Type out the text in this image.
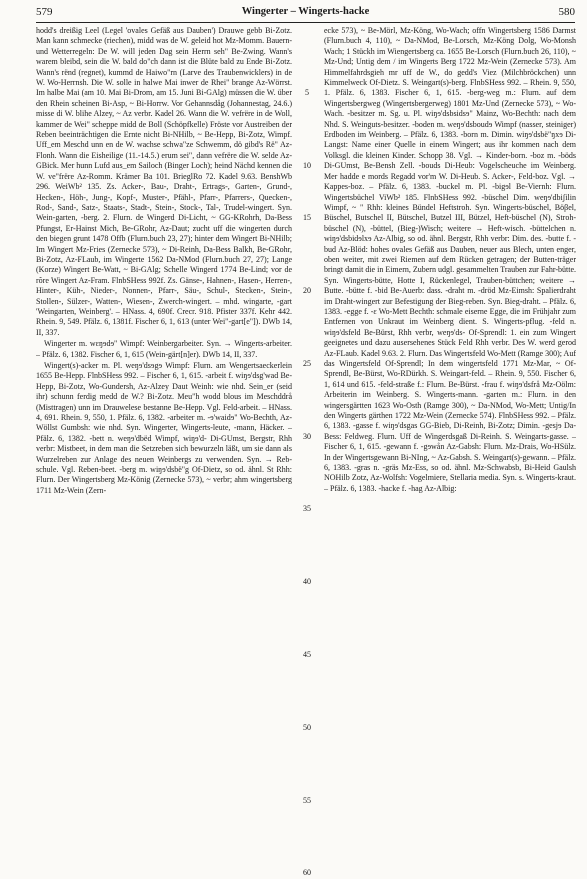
579	Wingerter – Wingerts-hacke	580

hodd's dreißig Leel (Legel 'ovales Gefäß aus Dauben') Drauwe gebb Bi-Zotz. Man kann schmecke (riechen), midd was de W. geleid hot Mz-Momm. Bauern- und Wetterregeln: De W. will jeden Dag sein Herrn seh" Be-Zwing. Wann's warem bleibd, sein die W. bald do"ch dann ist die Blüte bald zu Ende Bi-Zotz. Wann's rënd (regnet), kummd de Haiwo"rn (Larve des Traubenwicklers) in de W. Wo-Herrnsh. Die W. solle in halwe Mai inwer de Rhei" brange Az-Wörrst. Im halbe Mai (am 10. Mai Bi-Drom, am 15. Juni Bi-GAlg) müssen die W. über den Rhein scheinen Bi-Asp, ~ Bi-Horrw. Vor Gehannsdåg (Johannestag, 24.6.) misse di W. blihe Alzey, ~ Az verbr. Kadel 26. Wann die W. vefrëre in de Woll, kammer de Wei" scheppe midd de Boll (Schöpfkelle) Fröste vor Austreiben der Reben beeinträchtigen die Ernte nicht Bi-NHilb, ~ Be-Hepp, Bi-Zotz, Wimpf. Uff_em Meschd unn en de W. wachse schwa"ze Schwemm, dö gibd's Rë" Az-Flonh. Wann die Eisheilige (11.-14.5.) erum sei", dann vefrëre die W. selde Az-GBick. Mer hunn Lufd aus_em Sailoch (Binger Loch); heind Nächd kennen die W. ve"frëre Az-Romm. Krämer Ba 101. BrieglRo 72. Kadel 9.63. BenshWb 296. WeiWb² 135. Zs. Acker-, Bau-, Draht-, Ertrags-, Garten-, Grund-, Hecken-, Höh-, Jung-, Kopf-, Muster-, Pfähl-, Pfarr-, Pfarrers-, Quecken-, Rod-, Sand-, Satz-, Staats-, Stadt-, Stein-, Stock-, Tal-, Trudel-wingert. Syn. Wein-garten, -berg. 2. Flurn. de Wingerd Di-Licht, ~ GG-KRohrh, Da-Bess Pfungst, Er-Hainst Mich, Be-GRohr, Az-Daut; zucht uff die wingerten durch den biegen grunt 1478 Offb (Flurn.buch 23, 27); hinter dem Wingert Bi-NHilb; Im Wingert Mz-Fries (Zernecke 573), ~ Di-Reinh, Da-Bess Balkh, Be-GRohr, Bi-Zotz, Az-FLaub, im Wingerte 1562 Da-NMod (Flurn.buch 27, 27); Lange (Korze) Wingert Be-Watt, ~ Bi-GAlg; Schelle Wingerd 1774 Be-Lind; vor de rõre Wingert Az-Fram. FlnbSHess 992f. Zs. Gänse-, Hahnen-, Hasen-, Herren-, Hinter-, Küh-, Nieder-, Nonnen-, Pfarr-, Säu-, Schul-, Stecken-, Stein-, Stollen-, Sülzer-, Watten-, Wiesen-, Zwerch-wingert. – mhd. wingarte, -gart 'Weingarten, Weinberg'. – HNass. 4, 690f. Crecr. 918. Pfister 337f. Kehr 442. Rhein. 9, 549. Pfälz. 6, 1381f. Fischer 6, 1, 613 (unter Wei"-gart[e"]). DWb 14, II, 337.

Wingerter m. wεŋɘdɘ" Wimpf: Weinbergarbeiter. Syn. → Wingerts-arbeiter. – Pfälz. 6, 1382. Fischer 6, 1, 615 (Wein-gärt[n]er). DWb 14, II, 337.

Wingert(s)-acker m. Pl. weŋɘ'dsɘgɘ Wimpf: Flurn. am Wengertsaeckerlein 1655 Be-Hepp. FlnbSHess 992. – Fischer 6, 1, 615. -arbeit f. wiŋɘ'dsg'wad Be-Hepp, Bi-Zotz, Wo-Gundersh, Az-Alzey Daut Weinh: wie nhd. Sein_er (seid ihr) schunn ferdig medd de W.? Bi-Zotz. Meu"h wodd blous im Meschddrå (Misttragen) unn im Drauwelese bestanne Be-Hepp. Vgl. Feld-arbeit. – HNass. 4, 691. Rhein. 9, 550, 1. Pfälz. 6, 1382. -arbeiter m. -ɘ'waidɘ" Wo-Bechth, Az-Wöllst Gumbsh: wie nhd. Syn. Wingerter, Wingerts-leute, -mann, Häcker. – Pfälz. 6, 1382. -bett n. weŋɘ'dbëd Wimpf, wiŋɘ'd- Di-GUmst, Bergstr, Rhh verbr: Mistbeet, in dem man die Setzreben sich bewurzeln läßt, um sie dann als Wurzelreben zur Anlage des neuen Weinbergs zu verwenden. Syn. → Reb-schule. Vgl. Reben-beet. -berg m. wiŋɘ'dsbë"g Of-Dietz, so od. ähnl. St Rhh: Flurn. Der Wingertsberg Mz-König (Zernecke 573), ~ verbr; ahm wingertsberg 1711 Mz-Wein (Zern-

5
10
15
20
25
30
35
40
45
50
55
60

ecke 573), ~ Be-Mörl, Mz-Köng, Wo-Wach; offn Wingertsberg 1586 Darmst (Flurn.buch 4, 110), ~ Da-NMod, Be-Lorsch, Mz-Köng Dolg, Wo-Monsh Wach; 1 Stückh im Wiengertsberg ca. 1655 Be-Lorsch (Flurn.buch 26, 110), ~ Mz-Und; Untig dem / im Wingerts Berg 1722 Mz-Wein (Zernecke 573). Am Himmelfahrdsgieh mr uff de W., do gedd's Viez (Milchbröckchen) unn Kimmelweck Of-Dietz. S. Weingart(s)-berg. FlnbSHess 992. – Rhein. 9, 550, 1. Pfälz. 6, 1383. Fischer 6, 1, 615. -berg-weg m.: Flurn. auf dem Wingertsbergweg (Wingertsbergerweg) 1801 Mz-Und (Zernecke 573), ~ Wo-Wach. -besitzer m. Sg. u. Pl. wiŋɘ'dsbsidsɘ" Mainz, Wo-Bechth: nach dem Nhd. S. Weinguts-besitzer. -boden m. weŋɘ'dsboudɘ Wimpf (nasser, steiniger) Erdboden im Weinberg. – Pfälz. 6, 1383. -born m. Dimin. wiŋɘ'dsbë"ŋxɘ Di-Langst: Name einer Quelle in einem Wingert; aus ihr kommen nach dem Volksgl. die kleinen Kinder. Schopp 38. Vgl. → Kinder-born. -boz m. -böds Di-GUmst, Be-Bensh Zell. -bouds Di-Heub: Vogelscheuche im Weinberg. Mer hadde e mords Regadd vor'm W. Di-Heub. S. Acker-, Feld-boz. Vgl. → Kappes-boz. – Pfälz. 6, 1383. -buckel m. Pl. -bigɘl Be-Viernh: Flurn. Wingertsbüchel ViWb² 185. FlnbSHess 992. -büschel Dim. weŋɘ'dbiʃilin Wimpf, ~ " Rhh: kleines Bündel Heftstroh. Syn. Wingerts-büschel, Böβel, Büschel, Butschel II, Bütschel, Butzel III, Bützel, Heft-büschel (N), Stroh-büschel (N), -büttel, (Bieg-)Wisch; weitere → Heft-wisch. -büttelchen n. wiŋɘ'dsbidɘlxɘ Az-Albig, so od. ähnl. Bergstr, Rhh verbr: Dim. des. -butte f. -bud Az-Blöd: hohes ovales Gefäß aus Dauben, neuer aus Blech, unten enger, oben weiter, mit zwei Riemen auf dem Rücken getragen; der Butten-träger bringt damit die in Eimern, Zubern udgl. gesammelten Trauben zur Fahr-bütte. Syn. Wingerts-bütte, Hotte I, Rückenlegel, Trauben-büttchen; weitere → Butte. -bütte f. -bid Be-Auerb: dass. -draht m. -dröd Mz-Eimsh: Spalierdraht im Draht-wingert zur Befestigung der Bieg-reben. Syn. Bieg-draht. – Pfälz. 6, 1383. -egge f. -ɛ Wo-Mett Bechth: schmale eiserne Egge, die im Frühjahr zum Entfernen von Unkraut im Weinberg dient. S. Wingerts-pflug. -feld n. wiŋɘ'dsfeld Be-Bürst, Rhh verbr, weŋɘ'ds- Of-Sprendl: 1. ein zum Wingert geeignetes und dazu ausersehenes Stück Feld Rhh verbr. Des W. werd gerod Az-FLaub. Kadel 9.63. 2. Flurn. Das Wingertsfeld Wo-Mett (Ramge 300); Auf das Wingertsfeld Of-Sprendl; In dem wingertsfeld 1771 Mz-Mar, ~ Of-Sprendl, Be-Bürst, Wo-RDürkh. S. Weingart-feld. – Rhein. 9, 550. Fischer 6, 1, 614 und 615. -feld-straße f.: Flurn. Be-Bürst. -frau f. wiŋɘ'dsfrå Mz-Oölm: Arbeiterin im Weinberg. S. Wingerts-mann. -garten m.: Flurn. in den wingersgärtten 1623 Wo-Osth (Ramge 300), ~ Da-NMod, Wo-Mett; Untig/In den Wingerts gärthen 1722 Mz-Wein (Zernecke 574). FlnbSHess 992. – Pfälz. 6, 1383. -gasse f. wiŋɘ'dsgas GG-Bieb, Di-Reinh, Bi-Zotz; Dimin. -gesjɘ Da-Bess: Feldweg. Flurn. Uff de Wingerdsgaß Di-Reinh. S. Weingarts-gasse. – Fischer 6, 1, 615. -gewann f. -gɘwån Az-Gabsh: Flurn. Mz-Drais, Wo-HSülz. In der Wingertsgewann Bi-NIng, ~ Az-Gabsh. S. Weingart(s)-gewann. – Pfälz. 6, 1383. -gras n. -gräs Mz-Ess, so od. ähnl. Mz-Schwabsb, Bi-Heid Gaulsh NOHilb Zotz, Az-Wolfsh: Vogelmiere, Stellaria media. Syn. s. Wingerts-kraut. – Pfälz. 6, 1383. -hacke f. -hag Az-Albig:
